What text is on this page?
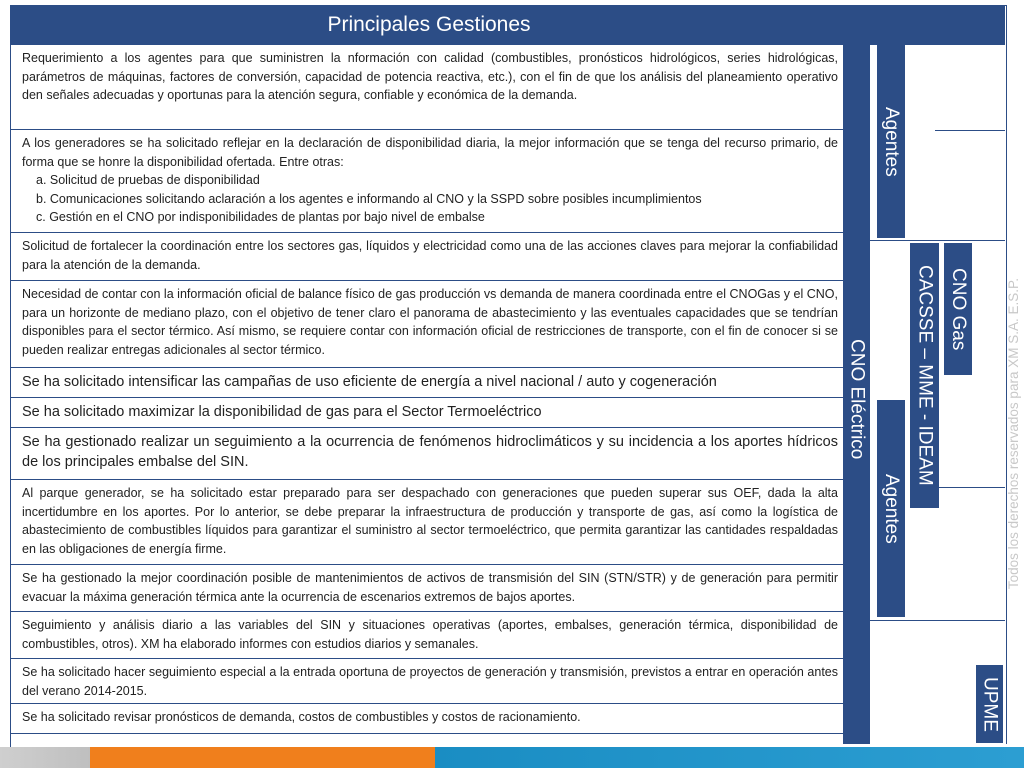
Principales Gestiones
Requerimiento a los agentes para que suministren la nformación con calidad (combustibles, pronósticos hidrológicos, series hidrológicas, parámetros de máquinas, factores de conversión, capacidad de potencia reactiva, etc.), con el fin de que los análisis del planeamiento operativo den señales adecuadas y oportunas para la atención segura, confiable y económica de la demanda.
A los generadores se ha solicitado reflejar en la declaración de disponibilidad diaria, la mejor información que se tenga del recurso primario, de forma que se honre la disponibilidad ofertada. Entre otras:
a. Solicitud de pruebas de disponibilidad
b. Comunicaciones solicitando aclaración a los agentes e informando al CNO y la SSPD sobre posibles incumplimientos
c. Gestión en el CNO por indisponibilidades de plantas por bajo nivel de embalse
Solicitud de fortalecer la coordinación entre los sectores gas, líquidos y electricidad como una de las acciones claves para mejorar la confiabilidad para la atención de la demanda.
Necesidad de contar con la información oficial de balance físico de gas producción vs demanda de manera coordinada entre el CNOGas y el CNO, para un horizonte de mediano plazo, con el objetivo de tener claro el panorama de abastecimiento y las eventuales capacidades que se tendrían disponibles para el sector térmico. Así mismo, se requiere contar con información oficial de restricciones de transporte, con el fin de conocer si se pueden realizar entregas adicionales al sector térmico.
Se ha solicitado intensificar las campañas de uso eficiente de energía a nivel nacional / auto y cogeneración
Se ha solicitado maximizar la disponibilidad de gas para el Sector Termoeléctrico
Se ha gestionado realizar un seguimiento a la ocurrencia de fenómenos hidroclimáticos y su incidencia a los aportes hídricos de los principales embalse del SIN.
Al parque generador, se ha solicitado estar preparado para ser despachado con generaciones que pueden superar sus OEF, dada la alta incertidumbre en los aportes. Por lo anterior, se debe preparar la infraestructura de producción y transporte de gas, así como la logística de abastecimiento de combustibles líquidos para garantizar el suministro al sector termoeléctrico, que permita garantizar las cantidades respaldadas en las obligaciones de energía firme.
Se ha gestionado la mejor coordinación posible de mantenimientos de activos de transmisión del SIN (STN/STR) y de generación para permitir evacuar la máxima generación térmica ante la ocurrencia de escenarios extremos de bajos aportes.
Seguimiento y análisis diario a las variables del SIN y situaciones operativas (aportes, embalses, generación térmica, disponibilidad de combustibles, otros). XM ha elaborado informes con estudios diarios y semanales.
Se ha solicitado hacer seguimiento especial a la entrada oportuna de proyectos de generación y transmisión, previstos a entrar en operación antes del verano 2014-2015.
Se ha solicitado revisar pronósticos de demanda, costos de combustibles y costos de racionamiento.
CNO Eléctrico
Agentes
CACSSE – MME - IDEAM CNO Gas
Agentes
UPME
Todos los derechos reservados para XM S.A. E.S.P.
